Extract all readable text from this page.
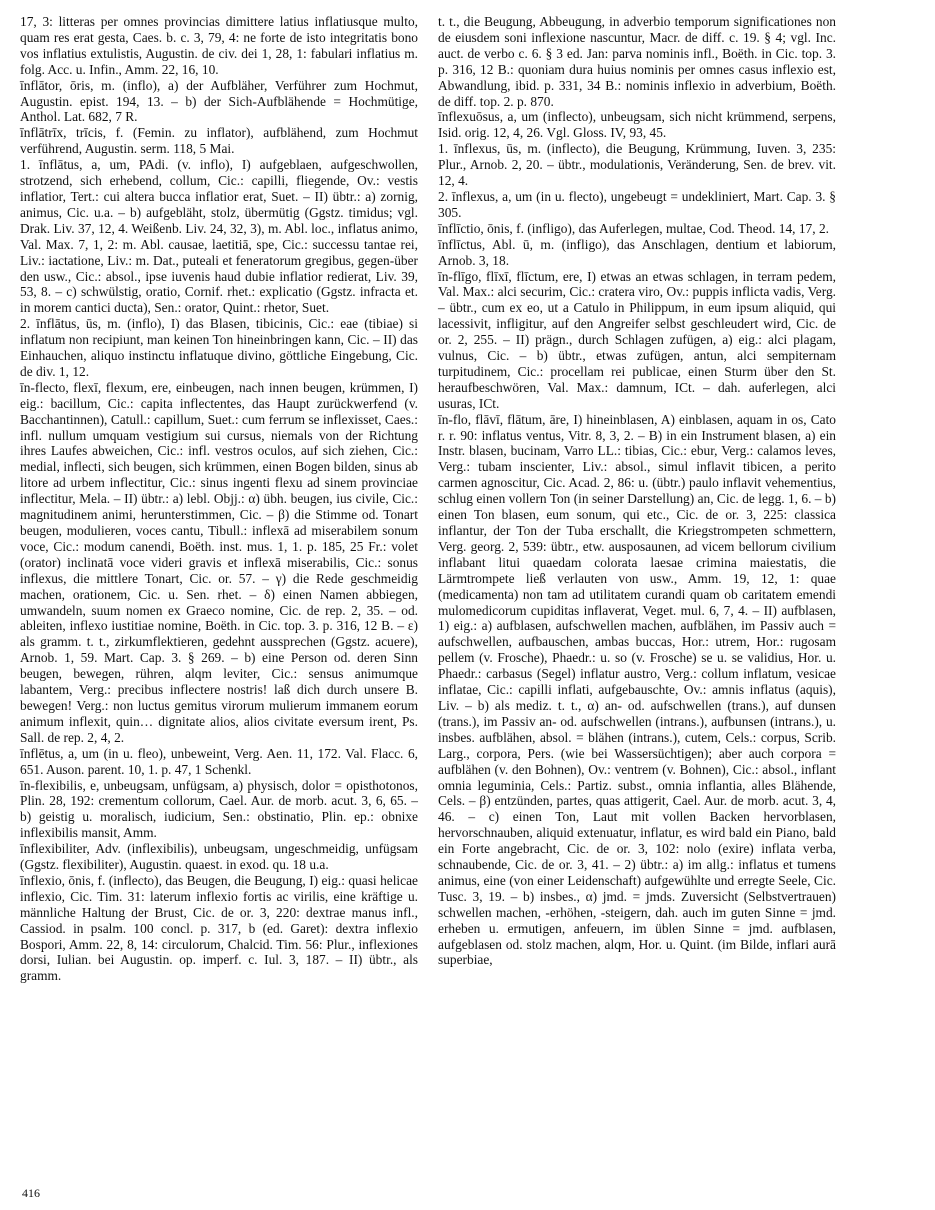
17, 3: litteras per omnes provincias dimittere latius inflatiusque multo, quam res erat gesta, Caes. b. c. 3, 79, 4: ne forte de isto integritatis bono vos inflatius extulistis, Augustin. de civ. dei 1, 28, 1: fabulari inflatius m. folg. Acc. u. Infin., Amm. 22, 16, 10.

īnflātor, ōris, m. (inflo), a) der Aufbläher, Verführer zum Hochmut, Augustin. epist. 194, 13. – b) der Sich-Aufblähende = Hochmütige, Anthol. Lat. 682, 7 R.

īnflātrīx, trīcis, f. (Femin. zu inflator), aufblähend, zum Hochmut verführend, Augustin. serm. 118, 5 Mai.

1. īnflātus, a, um, PAdi. (v. inflo), I) aufgeblaen, aufgeschwollen, strotzend, sich erhebend, collum, Cic.: capilli, fliegende, Ov.: vestis inflatior, Tert.: cui altera bucca inflatior erat, Suet. – II) übtr.: a) zornig, animus, Cic. u.a. – b) aufgebläht, stolz, übermütig (Ggstz. timidus; vgl. Drak. Liv. 37, 12, 4. Weißenb. Liv. 24, 32, 3), m. Abl. loc., inflatus animo, Val. Max. 7, 1, 2: m. Abl. causae, laetitiā, spe, Cic.: successu tantae rei, Liv.: iactatione, Liv.: m. Dat., puteali et feneratorum gregibus, gegen-über den usw., Cic.: absol., ipse iuvenis haud dubie inflatior redierat, Liv. 39, 53, 8. – c) schwülstig, oratio, Cornif. rhet.: explicatio (Ggstz. infracta et. in morem cantici ducta), Sen.: orator, Quint.: rhetor, Suet.

2. īnflātus, ūs, m. (inflo), I) das Blasen, tibicinis, Cic.: eae (tibiae) si inflatum non recipiunt, man keinen Ton hineinbringen kann, Cic. – II) das Einhauchen, aliquo instinctu inflatuque divino, göttliche Eingebung, Cic. de div. 1, 12.

īn-flecto, flexī, flexum, ere, einbeugen, nach innen beugen, krümmen, I) eig.: bacillum, Cic.: capita inflectentes, das Haupt zurückwerfend (v. Bacchantinnen), Catull.: capillum, Suet.: cum ferrum se inflexisset, Caes.: infl. nullum umquam vestigium sui cursus, niemals von der Richtung ihres Laufes abweichen, Cic.: infl. vestros oculos, auf sich ziehen, Cic.: medial, inflecti, sich beugen, sich krümmen, einen Bogen bilden, sinus ab litore ad urbem inflectitur, Cic.: sinus ingenti flexu ad sinem provinciae inflectitur, Mela. – II) übtr.: a) lebl. Objj.: α) übh. beugen, ius civile, Cic.: magnitudinem animi, herunterstimmen, Cic. – β) die Stimme od. Tonart beugen, modulieren, voces cantu, Tibull.: inflexā ad miserabilem sonum voce, Cic.: modum canendi, Boëth. inst. mus. 1, 1. p. 185, 25 Fr.: volet (orator) inclinatā voce videri gravis et inflexā miserabilis, Cic.: sonus inflexus, die mittlere Tonart, Cic. or. 57. – γ) die Rede geschmeidig machen, orationem, Cic. u. Sen. rhet. – δ) einen Namen abbiegen, umwandeln, suum nomen ex Graeco nomine, Cic. de rep. 2, 35. – od. ableiten, inflexo iustitiae nomine, Boëth. in Cic. top. 3. p. 316, 12 B. – ε) als gramm. t. t., zirkumflektieren, gedehnt aussprechen (Ggstz. acuere), Arnob. 1, 59. Mart. Cap. 3. § 269. – b) eine Person od. deren Sinn beugen, bewegen, rühren, alqm leviter, Cic.: sensus animumque labantem, Verg.: precibus inflectere nostris! laß dich durch unsere B. bewegen! Verg.: non luctus gemitus virorum mulierum immanem eorum animum inflexit, quin… dignitate alios, alios civitate eversum irent, Ps. Sall. de rep. 2, 4, 2.

īnflētus, a, um (in u. fleo), unbeweint, Verg. Aen. 11, 172. Val. Flacc. 6, 651. Auson. parent. 10, 1. p. 47, 1 Schenkl.

īn-flexibilis, e, unbeugsam, unfügsam, a) physisch, dolor = opisthotonos, Plin. 28, 192: crementum collorum, Cael. Aur. de morb. acut. 3, 6, 65. – b) geistig u. moralisch, iudicium, Sen.: obstinatio, Plin. ep.: obnixe inflexibilis mansit, Amm.

īnflexibiliter, Adv. (inflexibilis), unbeugsam, ungeschmeidig, unfügsam (Ggstz. flexibiliter), Augustin. quaest. in exod. qu. 18 u.a.

īnflexio, ōnis, f. (inflecto), das Beugen, die Beugung, I) eig.: quasi helicae inflexio, Cic. Tim. 31: laterum inflexio fortis ac virilis, eine kräftige u. männliche Haltung der Brust, Cic. de or. 3, 220: dextrae manus infl., Cassiod. in psalm. 100 concl. p. 317, b (ed. Garet): dextra inflexio Bospori, Amm. 22, 8, 14: circulorum, Chalcid. Tim. 56: Plur., inflexiones dorsi, Iulian. bei Augustin. op. imperf. c. Iul. 3, 187. – II) übtr., als gramm.

t. t., die Beugung, Abbeugung, in adverbio temporum significationes non de eiusdem soni inflexione nascuntur, Macr. de diff. c. 19. § 4; vgl. Inc. auct. de verbo c. 6. § 3 ed. Jan: parva nominis infl., Boëth. in Cic. top. 3. p. 316, 12 B.: quoniam dura huius nominis per omnes casus inflexio est, Abwandlung, ibid. p. 331, 34 B.: nominis inflexio in adverbium, Boëth. de diff. top. 2. p. 870.

īnflexuōsus, a, um (inflecto), unbeugsam, sich nicht krümmend, serpens, Isid. orig. 12, 4, 26. Vgl. Gloss. IV, 93, 45.

1. īnflexus, ūs, m. (inflecto), die Beugung, Krümmung, Iuven. 3, 235: Plur., Arnob. 2, 20. – übtr., modulationis, Veränderung, Sen. de brev. vit. 12, 4.

2. īnflexus, a, um (in u. flecto), ungebeugt = undekliniert, Mart. Cap. 3. § 305.

īnflīctio, ōnis, f. (infligo), das Auferlegen, multae, Cod. Theod. 14, 17, 2.

īnflīctus, Abl. ū, m. (infligo), das Anschlagen, dentium et labiorum, Arnob. 3, 18.

īn-flīgo, flīxī, flīctum, ere, I) etwas an etwas schlagen, in terram pedem, Val. Max.: alci securim, Cic.: cratera viro, Ov.: puppis inflicta vadis, Verg. – übtr., cum ex eo, ut a Catulo in Philippum, in eum ipsum aliquid, qui lacessivit, infligitur, auf den Angreifer selbst geschleudert wird, Cic. de or. 2, 255. – II) prägn., durch Schlagen zufügen, a) eig.: alci plagam, vulnus, Cic. – b) übtr., etwas zufügen, antun, alci sempiternam turpitudinem, Cic.: procellam rei publicae, einen Sturm über den St. heraufbeschwören, Val. Max.: damnum, ICt. – dah. auferlegen, alci usuras, ICt.

īn-flo, flāvī, flātum, āre, I) hineinblasen, A) einblasen, aquam in os, Cato r. r. 90: inflatus ventus, Vitr. 8, 3, 2. – B) in ein Instrument blasen, a) ein Instr. blasen, bucinam, Varro LL.: tibias, Cic.: ebur, Verg.: calamos leves, Verg.: tubam inscienter, Liv.: absol., simul inflavit tibicen, a perito carmen agnoscitur, Cic. Acad. 2, 86: u. (übtr.) paulo inflavit vehementius, schlug einen vollern Ton (in seiner Darstellung) an, Cic. de legg. 1, 6. – b) einen Ton blasen, eum sonum, qui etc., Cic. de or. 3, 225: classica inflantur, der Ton der Tuba erschallt, die Kriegstrompeten schmettern, Verg. georg. 2, 539: übtr., etw. ausposaunen, ad vicem bellorum civilium inflabant litui quaedam colorata laesae crimina maiestatis, die Lärmtrompete ließ verlauten von usw., Amm. 19, 12, 1: quae (medicamenta) non tam ad utilitatem curandi quam ob caritatem emendi mulomedicorum cupiditas inflaverat, Veget. mul. 6, 7, 4. – II) aufblasen, 1) eig.: a) aufblasen, aufschwellen machen, aufblähen, im Passiv auch = aufschwellen, aufbauschen, ambas buccas, Hor.: utrem, Hor.: rugosam pellem (v. Frosche), Phaedr.: u. so (v. Frosche) se u. se validius, Hor. u. Phaedr.: carbasus (Segel) inflatur austro, Verg.: collum inflatum, vesicae inflatae, Cic.: capilli inflati, aufgebauschte, Ov.: amnis inflatus (aquis), Liv. – b) als mediz. t. t., α) an- od. aufschwellen (trans.), auf dunsen (trans.), im Passiv an- od. aufschwellen (intrans.), aufbunsen (intrans.), u. insbes. aufblähen, absol. = blähen (intrans.), cutem, Cels.: corpus, Scrib. Larg., corpora, Pers. (wie bei Wassersüchtigen); aber auch corpora = aufblähen (v. den Bohnen), Ov.: ventrem (v. Bohnen), Cic.: absol., inflant omnia leguminia, Cels.: Partiz. subst., omnia inflantia, alles Blähende, Cels. – β) entzünden, partes, quas attigerit, Cael. Aur. de morb. acut. 3, 4, 46. – c) einen Ton, Laut mit vollen Backen hervorblasen, hervorschnauben, aliquid extenuatur, inflatur, es wird bald ein Piano, bald ein Forte angebracht, Cic. de or. 3, 102: nolo (exire) inflata verba, schnaubende, Cic. de or. 3, 41. – 2) übtr.: a) im allg.: inflatus et tumens animus, eine (von einer Leidenschaft) aufgewühlte und erregte Seele, Cic. Tusc. 3, 19. – b) insbes., α) jmd. = jmds. Zuversicht (Selbstvertrauen) schwellen machen, -erhöhen, -steigern, dah. auch im guten Sinne = jmd. erheben u. ermutigen, anfeuern, im üblen Sinne = jmd. aufblasen, aufgeblasen od. stolz machen, alqm, Hor. u. Quint. (im Bilde, inflari aurā superbiae,

416
